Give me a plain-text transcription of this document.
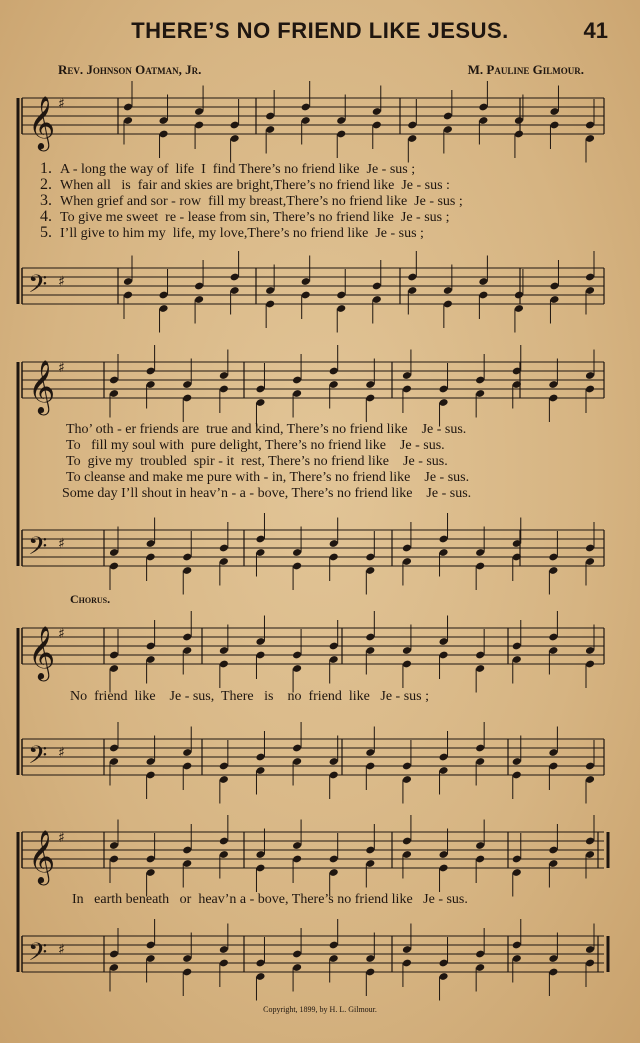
THERE’S NO FRIEND LIKE JESUS.	41
Rev. Johnson Oatman, Jr.	M. Pauline Gilmour.
𝄞 ♯
𝄢 ♯
𝄞 ♯
𝄢 ♯
𝄞 ♯
𝄢 ♯
𝄞 ♯
𝄢 ♯
1. A - long the way of  life  I  find There’s no friend like  Je - sus ;
2. When all   is  fair and skies are bright,There’s no friend like  Je - sus :
3. When grief and sor - row  fill my breast,There’s no friend like  Je - sus ;
4. To give me sweet  re - lease from sin, There’s no friend like  Je - sus ;
5. I’ll give to him my  life, my love,There’s no friend like  Je - sus ;
Tho’ oth - er friends are  true and kind, There’s no friend like    Je - sus.
To   fill my soul with  pure delight, There’s no friend like    Je - sus.
To  give my  troubled  spir - it  rest, There’s no friend like    Je - sus.
To cleanse and make me pure with - in, There’s no friend like    Je - sus.
Some day I’ll shout in heav’n - a - bove, There’s no friend like    Je - sus.
Chorus.
No  friend  like    Je - sus,  There   is    no  friend  like   Je - sus ;
In   earth beneath   or  heav’n a - bove, There’s no friend like   Je - sus.
Copyright, 1899, by H. L. Gilmour.
